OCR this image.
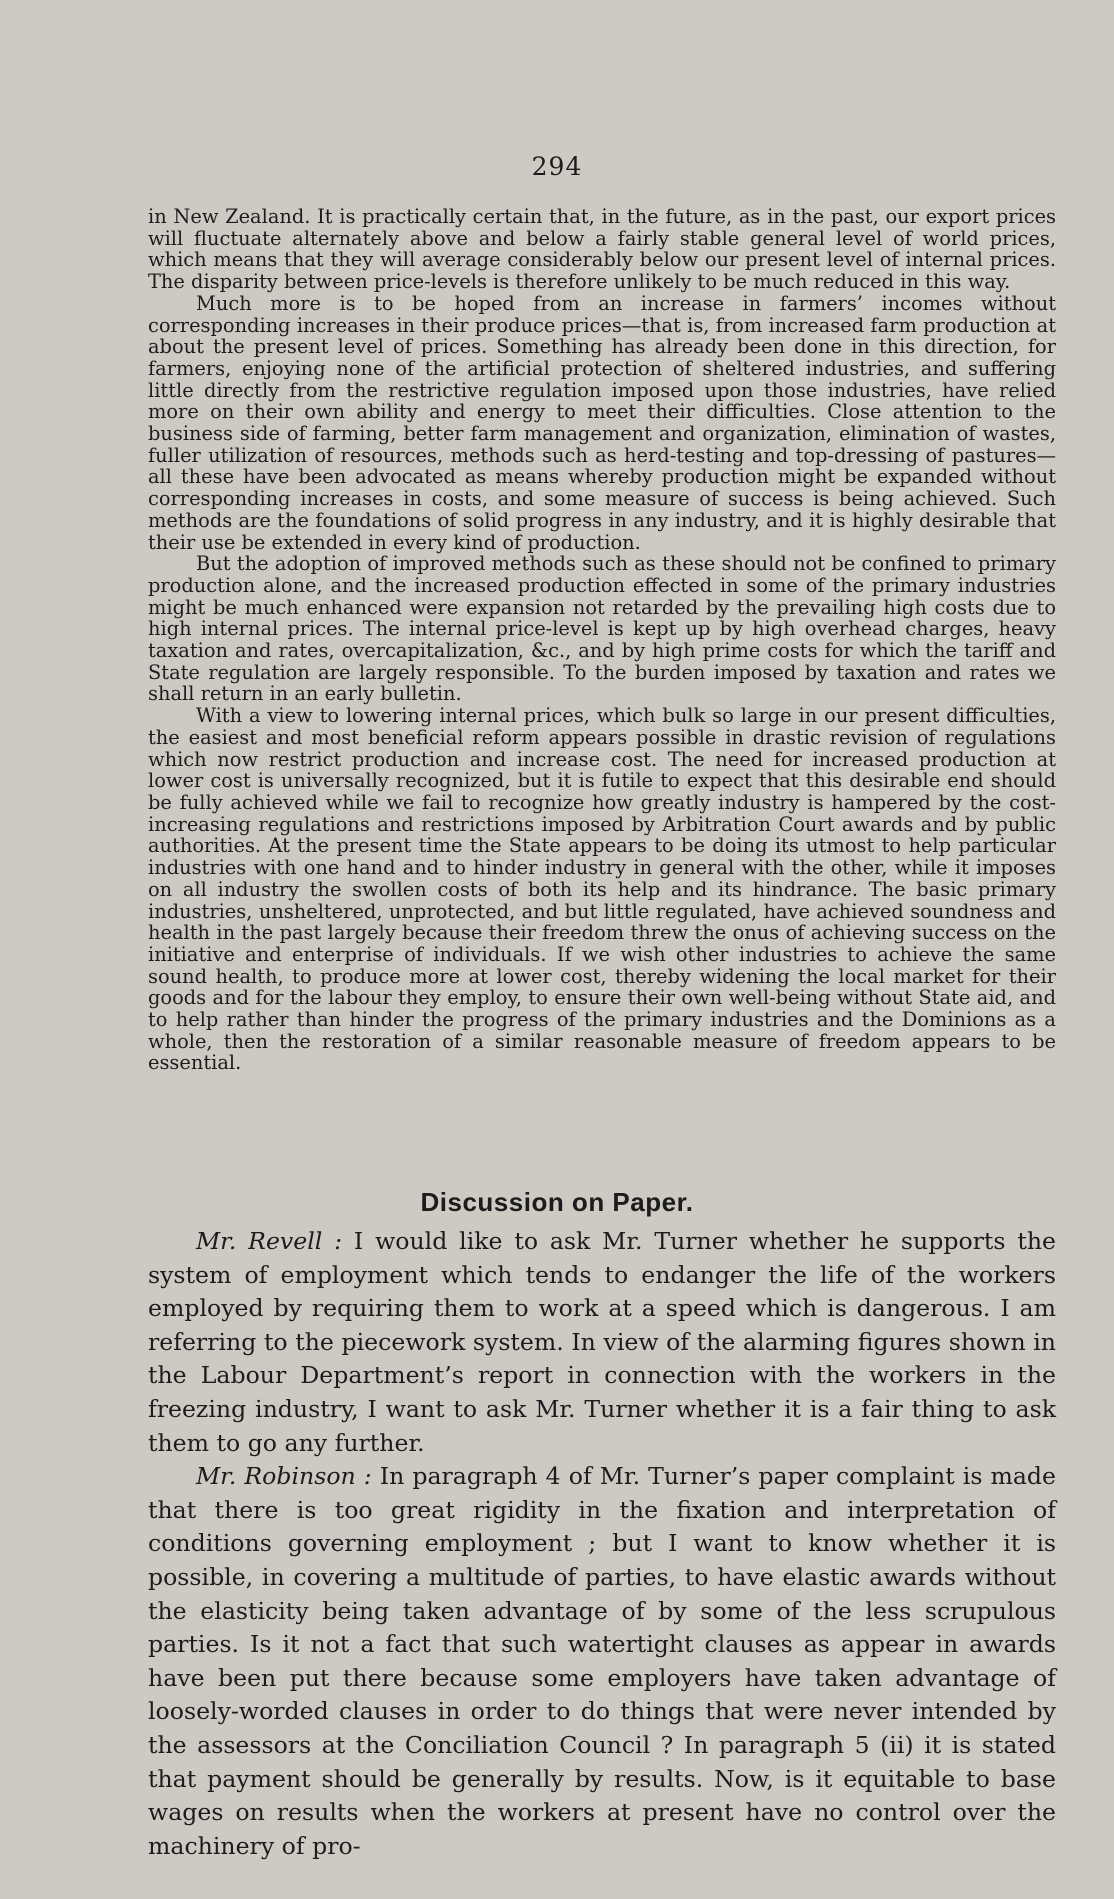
294

in New Zealand. It is practically certain that, in the future, as in the past, our export prices will fluctuate alternately above and below a fairly stable general level of world prices, which means that they will average considerably below our present level of internal prices. The disparity between price-levels is therefore unlikely to be much reduced in this way.

Much more is to be hoped from an increase in farmers’ incomes without corresponding increases in their produce prices—that is, from increased farm production at about the present level of prices. Something has already been done in this direction, for farmers, enjoying none of the artificial protection of sheltered industries, and suffering little directly from the restrictive regulation imposed upon those industries, have relied more on their own ability and energy to meet their difficulties. Close attention to the business side of farming, better farm management and organization, elimination of wastes, fuller utilization of resources, methods such as herd-testing and top-dressing of pastures—all these have been advocated as means whereby production might be expanded without corresponding increases in costs, and some measure of success is being achieved. Such methods are the foundations of solid progress in any industry, and it is highly desirable that their use be extended in every kind of production.

But the adoption of improved methods such as these should not be confined to primary production alone, and the increased production effected in some of the primary industries might be much enhanced were expansion not retarded by the prevailing high costs due to high internal prices. The internal price-level is kept up by high overhead charges, heavy taxation and rates, overcapitalization, &c., and by high prime costs for which the tariff and State regulation are largely responsible. To the burden imposed by taxation and rates we shall return in an early bulletin.

With a view to lowering internal prices, which bulk so large in our present difficulties, the easiest and most beneficial reform appears possible in drastic revision of regulations which now restrict production and increase cost. The need for increased production at lower cost is universally recognized, but it is futile to expect that this desirable end should be fully achieved while we fail to recognize how greatly industry is hampered by the cost-increasing regulations and restrictions imposed by Arbitration Court awards and by public authorities. At the present time the State appears to be doing its utmost to help particular industries with one hand and to hinder industry in general with the other, while it imposes on all industry the swollen costs of both its help and its hindrance. The basic primary industries, unsheltered, unprotected, and but little regulated, have achieved soundness and health in the past largely because their freedom threw the onus of achieving success on the initiative and enterprise of individuals. If we wish other industries to achieve the same sound health, to produce more at lower cost, thereby widening the local market for their goods and for the labour they employ, to ensure their own well-being without State aid, and to help rather than hinder the progress of the primary industries and the Dominions as a whole, then the restoration of a similar reasonable measure of freedom appears to be essential.

Discussion on Paper.

Mr. Revell : I would like to ask Mr. Turner whether he supports the system of employment which tends to endanger the life of the workers employed by requiring them to work at a speed which is dangerous. I am referring to the piecework system. In view of the alarming figures shown in the Labour Department’s report in connection with the workers in the freezing industry, I want to ask Mr. Turner whether it is a fair thing to ask them to go any further.

Mr. Robinson : In paragraph 4 of Mr. Turner’s paper complaint is made that there is too great rigidity in the fixation and interpretation of conditions governing employment ; but I want to know whether it is possible, in covering a multitude of parties, to have elastic awards without the elasticity being taken advantage of by some of the less scrupulous parties. Is it not a fact that such watertight clauses as appear in awards have been put there because some employers have taken advantage of loosely-worded clauses in order to do things that were never intended by the assessors at the Conciliation Council ? In paragraph 5 (ii) it is stated that payment should be generally by results. Now, is it equitable to base wages on results when the workers at present have no control over the machinery of pro-
